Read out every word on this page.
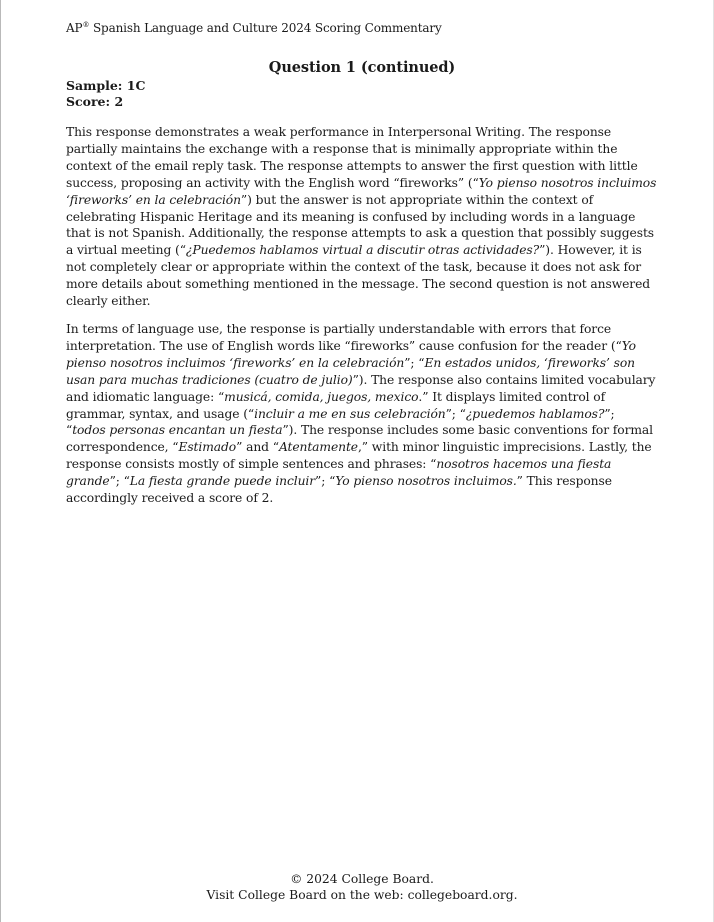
AP® Spanish Language and Culture 2024 Scoring Commentary
Question 1 (continued)
Sample: 1C
Score: 2

This response demonstrates a weak performance in Interpersonal Writing. The response partially maintains the exchange with a response that is minimally appropriate within the context of the email reply task. The response attempts to answer the first question with little success, proposing an activity with the English word “fireworks” (“Yo pienso nosotros incluimos ‘fireworks’ en la celebración”) but the answer is not appropriate within the context of celebrating Hispanic Heritage and its meaning is confused by including words in a language that is not Spanish. Additionally, the response attempts to ask a question that possibly suggests a virtual meeting (“¿Puedemos hablamos virtual a discutir otras actividades?”). However, it is not completely clear or appropriate within the context of the task, because it does not ask for more details about something mentioned in the message. The second question is not answered clearly either.

In terms of language use, the response is partially understandable with errors that force interpretation. The use of English words like “fireworks” cause confusion for the reader (“Yo pienso nosotros incluimos ‘fireworks’ en la celebración”; “En estados unidos, ‘fireworks’ son usan para muchas tradiciones (cuatro de julio)”). The response also contains limited vocabulary and idiomatic language: “musicá, comida, juegos, mexico.” It displays limited control of grammar, syntax, and usage (“incluir a me en sus celebración”; “¿puedemos hablamos?”; “todos personas encantan un fiesta”). The response includes some basic conventions for formal correspondence, “Estimado” and “Atentamente,” with minor linguistic imprecisions. Lastly, the response consists mostly of simple sentences and phrases: “nosotros hacemos una fiesta grande”; “La fiesta grande puede incluir”; “Yo pienso nosotros incluimos.” This response accordingly received a score of 2.

© 2024 College Board.
Visit College Board on the web: collegeboard.org.
